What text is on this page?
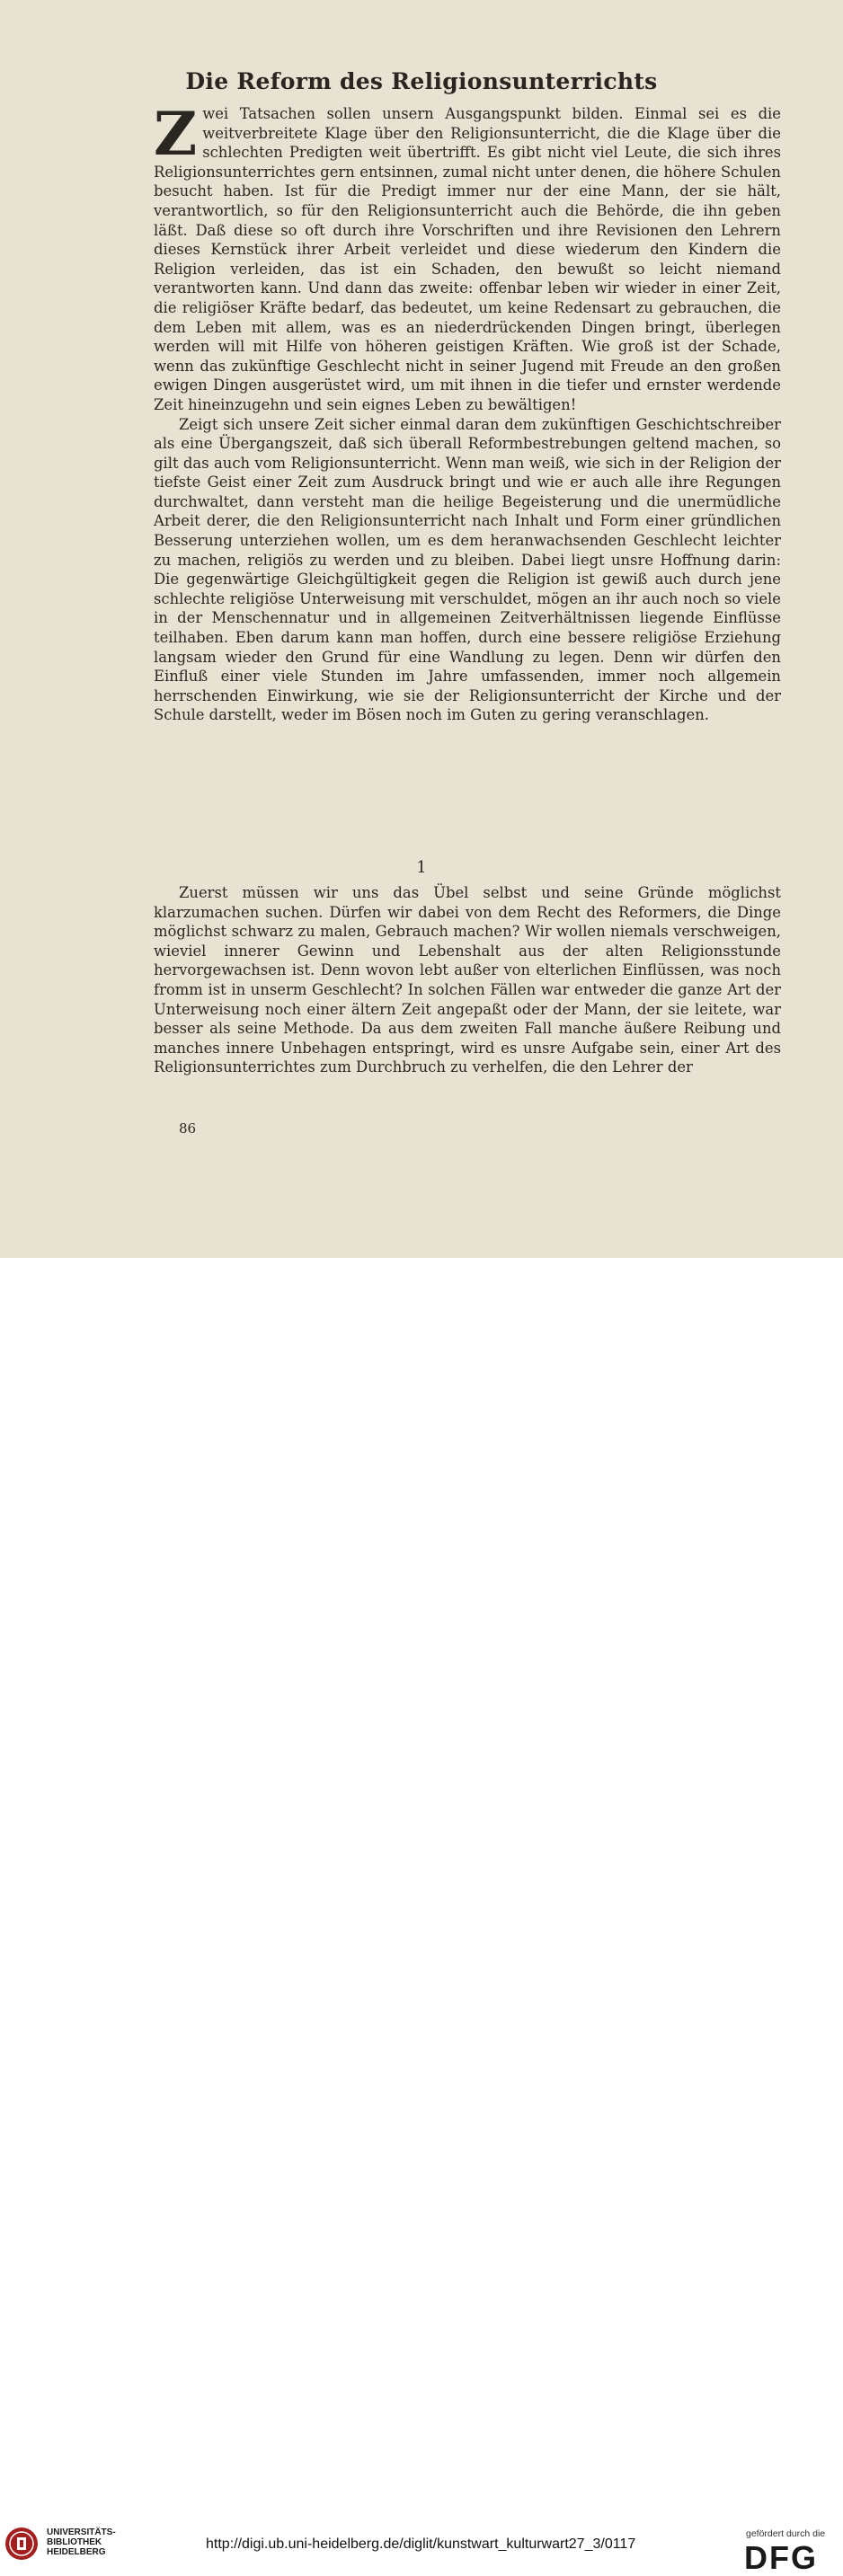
Die Reform des Religionsunterrichts

Zwei Tatsachen sollen unsern Ausgangspunkt bilden. Einmal sei es die weitverbreitete Klage über den Religionsunterricht, die die Klage über die schlechten Predigten weit übertrifft. Es gibt nicht viel Leute, die sich ihres Religionsunterrichtes gern entsinnen, zumal nicht unter denen, die höhere Schulen besucht haben. Ist für die Predigt immer nur der eine Mann, der sie hält, verantwortlich, so für den Religionsunterricht auch die Behörde, die ihn geben läßt. Daß diese so oft durch ihre Vorschriften und ihre Revisionen den Lehrern dieses Kernstück ihrer Arbeit verleidet und diese wiederum den Kindern die Religion verleiden, das ist ein Schaden, den bewußt so leicht niemand verantworten kann. Und dann das zweite: offenbar leben wir wieder in einer Zeit, die religiöser Kräfte bedarf, das bedeutet, um keine Redensart zu gebrauchen, die dem Leben mit allem, was es an niederdrückenden Dingen bringt, überlegen werden will mit Hilfe von höheren geistigen Kräften. Wie groß ist der Schade, wenn das zukünftige Geschlecht nicht in seiner Jugend mit Freude an den großen ewigen Dingen ausgerüstet wird, um mit ihnen in die tiefer und ernster werdende Zeit hineinzugehn und sein eignes Leben zu bewältigen!

Zeigt sich unsere Zeit sicher einmal daran dem zukünftigen Geschichtschreiber als eine Übergangszeit, daß sich überall Reformbestrebungen geltend machen, so gilt das auch vom Religionsunterricht. Wenn man weiß, wie sich in der Religion der tiefste Geist einer Zeit zum Ausdruck bringt und wie er auch alle ihre Regungen durchwaltet, dann versteht man die heilige Begeisterung und die unermüdliche Arbeit derer, die den Religionsunterricht nach Inhalt und Form einer gründlichen Besserung unterziehen wollen, um es dem heranwachsenden Geschlecht leichter zu machen, religiös zu werden und zu bleiben. Dabei liegt unsre Hoffnung darin: Die gegenwärtige Gleichgültigkeit gegen die Religion ist gewiß auch durch jene schlechte religiöse Unterweisung mit verschuldet, mögen an ihr auch noch so viele in der Menschennatur und in allgemeinen Zeitverhältnissen liegende Einflüsse teilhaben. Eben darum kann man hoffen, durch eine bessere religiöse Erziehung langsam wieder den Grund für eine Wandlung zu legen. Denn wir dürfen den Einfluß einer viele Stunden im Jahre umfassenden, immer noch allgemein herrschenden Einwirkung, wie sie der Religionsunterricht der Kirche und der Schule darstellt, weder im Bösen noch im Guten zu gering veranschlagen.

1
Zuerst müssen wir uns das Übel selbst und seine Gründe möglichst klarzumachen suchen. Dürfen wir dabei von dem Recht des Reformers, die Dinge möglichst schwarz zu malen, Gebrauch machen? Wir wollen niemals verschweigen, wieviel innerer Gewinn und Lebenshalt aus der alten Religionsstunde hervorgewachsen ist. Denn wovon lebt außer von elterlichen Einflüssen, was noch fromm ist in unserm Geschlecht? In solchen Fällen war entweder die ganze Art der Unterweisung noch einer ältern Zeit angepaßt oder der Mann, der sie leitete, war besser als seine Methode. Da aus dem zweiten Fall manche äußere Reibung und manches innere Unbehagen entspringt, wird es unsre Aufgabe sein, einer Art des Religionsunterrichtes zum Durchbruch zu verhelfen, die den Lehrer der
86
UNIVERSITÄTS-
BIBLIOTHEK
HEIDELBERG
http://digi.ub.uni-heidelberg.de/diglit/kunstwart_kulturwart27_3/0117
gefördert durch die
DFG
